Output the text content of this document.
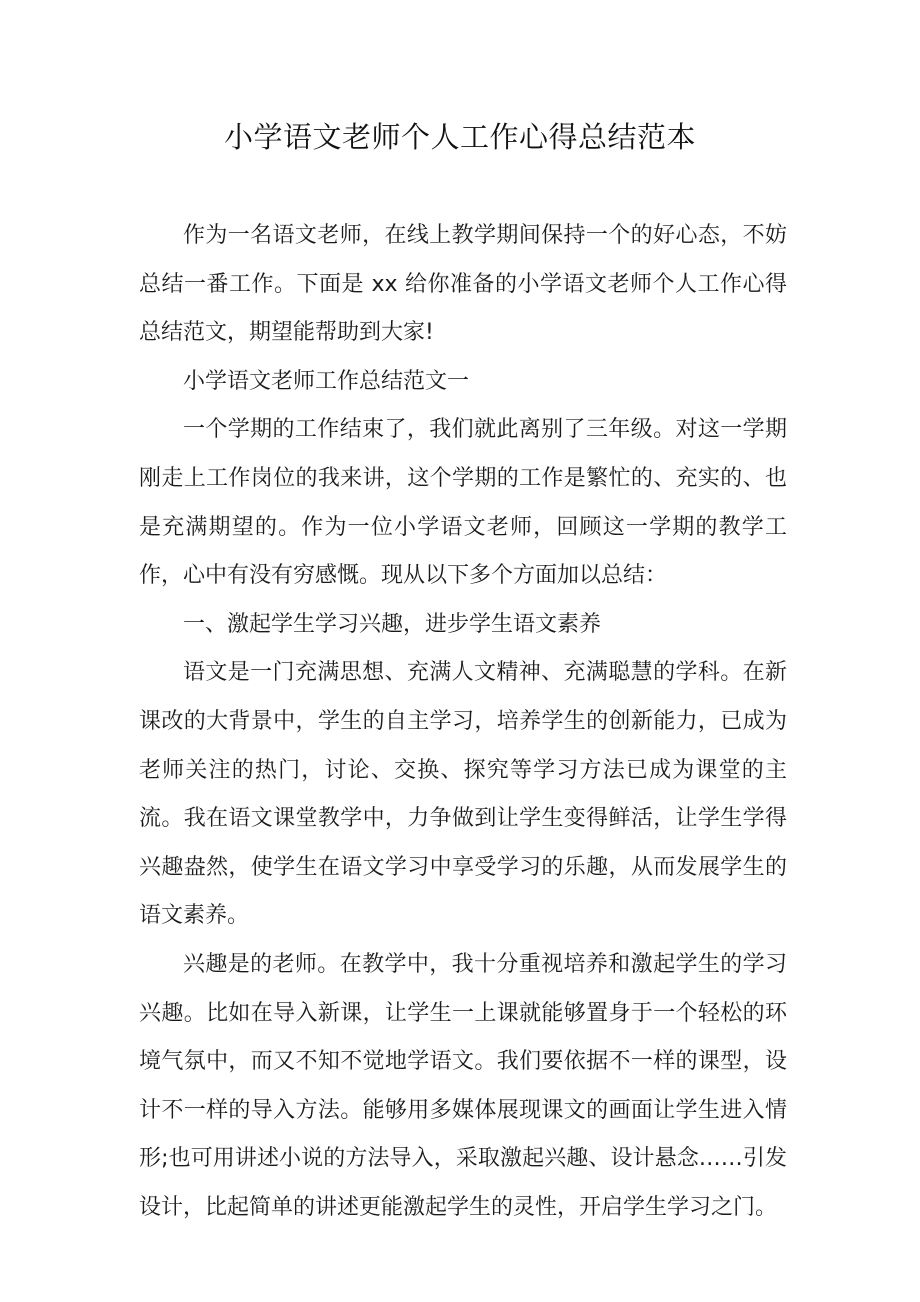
小学语文老师个人工作心得总结范本

作为一名语文老师，在线上教学期间保持一个的好心态，不妨总结一番工作。下面是 xx 给你准备的小学语文老师个人工作心得总结范文，期望能帮助到大家!

小学语文老师工作总结范文一

一个学期的工作结束了，我们就此离别了三年级。对这一学期刚走上工作岗位的我来讲，这个学期的工作是繁忙的、充实的、也是充满期望的。作为一位小学语文老师，回顾这一学期的教学工作，心中有没有穷感慨。现从以下多个方面加以总结：

一、激起学生学习兴趣，进步学生语文素养

语文是一门充满思想、充满人文精神、充满聪慧的学科。在新课改的大背景中，学生的自主学习，培养学生的创新能力，已成为老师关注的热门，讨论、交换、探究等学习方法已成为课堂的主流。我在语文课堂教学中，力争做到让学生变得鲜活，让学生学得兴趣盎然，使学生在语文学习中享受学习的乐趣，从而发展学生的语文素养。

兴趣是的老师。在教学中，我十分重视培养和激起学生的学习兴趣。比如在导入新课，让学生一上课就能够置身于一个轻松的环境气氛中，而又不知不觉地学语文。我们要依据不一样的课型，设计不一样的导入方法。能够用多媒体展现课文的画面让学生进入情形;也可用讲述小说的方法导入，采取激起兴趣、设计悬念……引发设计，比起简单的讲述更能激起学生的灵性，开启学生学习之门。
